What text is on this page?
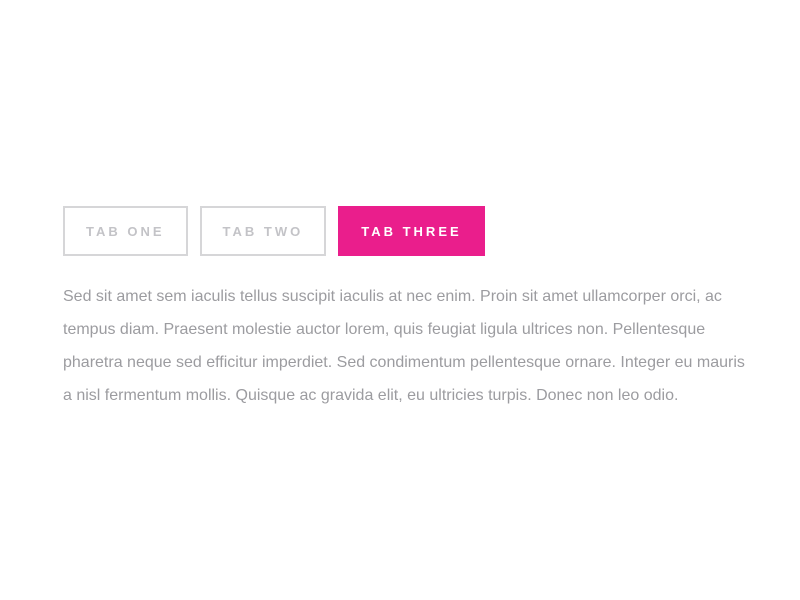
TAB ONE	TAB TWO	TAB THREE

Sed sit amet sem iaculis tellus suscipit iaculis at nec enim. Proin sit amet ullamcorper orci, ac tempus diam. Praesent molestie auctor lorem, quis feugiat ligula ultrices non. Pellentesque pharetra neque sed efficitur imperdiet. Sed condimentum pellentesque ornare. Integer eu mauris a nisl fermentum mollis. Quisque ac gravida elit, eu ultricies turpis. Donec non leo odio.
